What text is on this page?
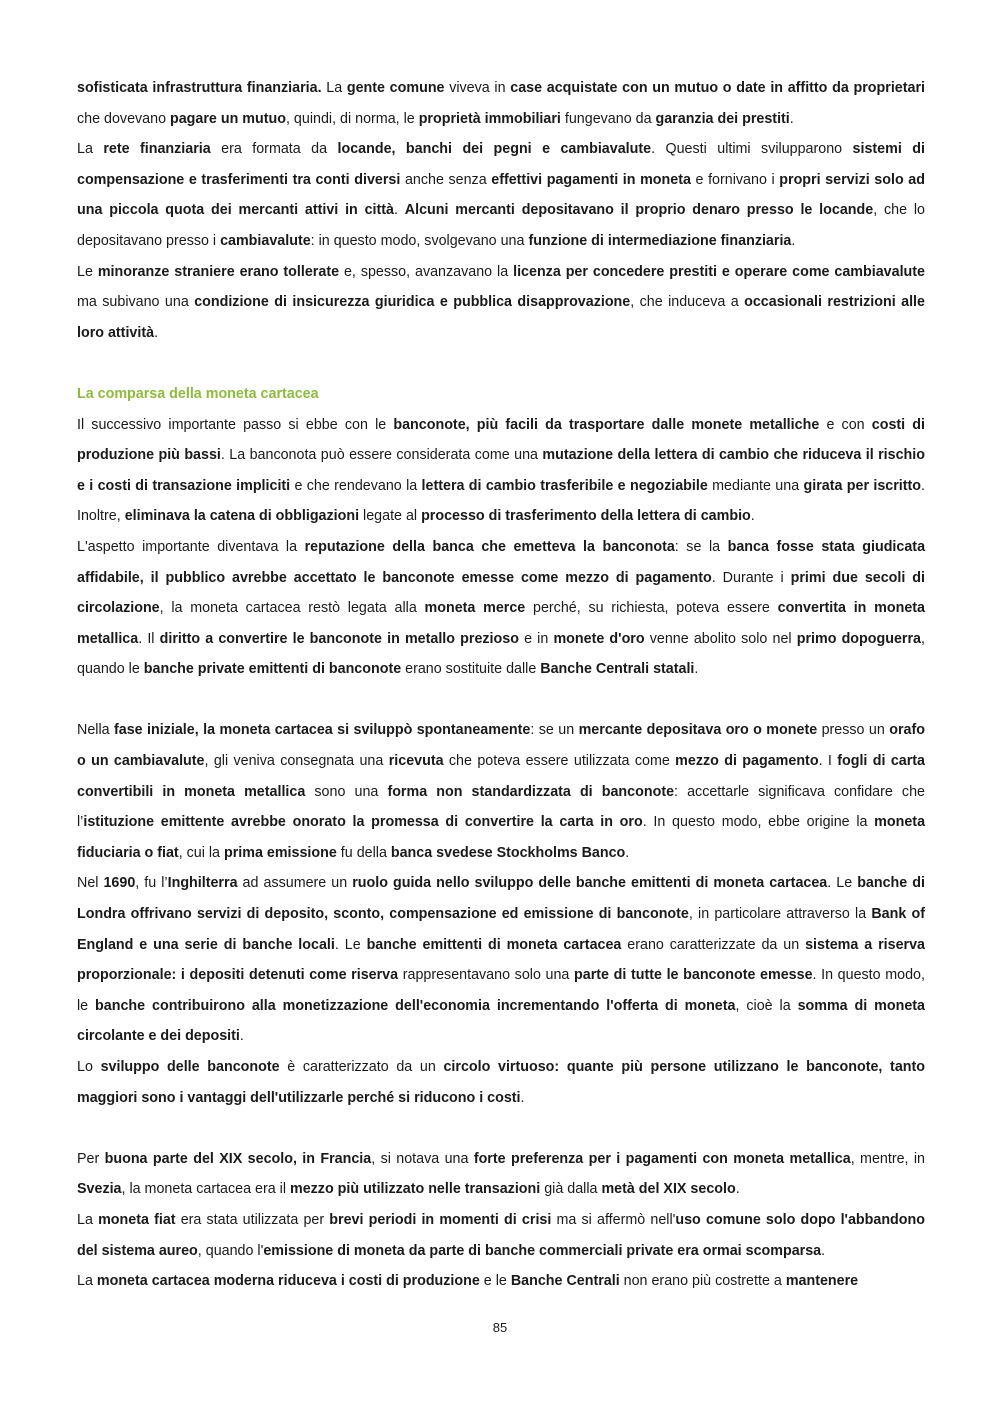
sofisticata infrastruttura finanziaria. La gente comune viveva in case acquistate con un mutuo o date in affitto da proprietari che dovevano pagare un mutuo, quindi, di norma, le proprietà immobiliari fungevano da garanzia dei prestiti.

La rete finanziaria era formata da locande, banchi dei pegni e cambiavalute. Questi ultimi svilupparono sistemi di compensazione e trasferimenti tra conti diversi anche senza effettivi pagamenti in moneta e fornivano i propri servizi solo ad una piccola quota dei mercanti attivi in città. Alcuni mercanti depositavano il proprio denaro presso le locande, che lo depositavano presso i cambiavalute: in questo modo, svolgevano una funzione di intermediazione finanziaria.

Le minoranze straniere erano tollerate e, spesso, avanzavano la licenza per concedere prestiti e operare come cambiavalute ma subivano una condizione di insicurezza giuridica e pubblica disapprovazione, che induceva a occasionali restrizioni alle loro attività.

La comparsa della moneta cartacea

Il successivo importante passo si ebbe con le banconote, più facili da trasportare dalle monete metalliche e con costi di produzione più bassi. La banconota può essere considerata come una mutazione della lettera di cambio che riduceva il rischio e i costi di transazione impliciti e che rendevano la lettera di cambio trasferibile e negoziabile mediante una girata per iscritto. Inoltre, eliminava la catena di obbligazioni legate al processo di trasferimento della lettera di cambio.

L'aspetto importante diventava la reputazione della banca che emetteva la banconota: se la banca fosse stata giudicata affidabile, il pubblico avrebbe accettato le banconote emesse come mezzo di pagamento. Durante i primi due secoli di circolazione, la moneta cartacea restò legata alla moneta merce perché, su richiesta, poteva essere convertita in moneta metallica. Il diritto a convertire le banconote in metallo prezioso e in monete d'oro venne abolito solo nel primo dopoguerra, quando le banche private emittenti di banconote erano sostituite dalle Banche Centrali statali.

Nella fase iniziale, la moneta cartacea si sviluppò spontaneamente: se un mercante depositava oro o monete presso un orafo o un cambiavalute, gli veniva consegnata una ricevuta che poteva essere utilizzata come mezzo di pagamento. I fogli di carta convertibili in moneta metallica sono una forma non standardizzata di banconote: accettarle significava confidare che l’istituzione emittente avrebbe onorato la promessa di convertire la carta in oro. In questo modo, ebbe origine la moneta fiduciaria o fiat, cui la prima emissione fu della banca svedese Stockholms Banco.

Nel 1690, fu l’Inghilterra ad assumere un ruolo guida nello sviluppo delle banche emittenti di moneta cartacea. Le banche di Londra offrivano servizi di deposito, sconto, compensazione ed emissione di banconote, in particolare attraverso la Bank of England e una serie di banche locali. Le banche emittenti di moneta cartacea erano caratterizzate da un sistema a riserva proporzionale: i depositi detenuti come riserva rappresentavano solo una parte di tutte le banconote emesse. In questo modo, le banche contribuirono alla monetizzazione dell'economia incrementando l'offerta di moneta, cioè la somma di moneta circolante e dei depositi.

Lo sviluppo delle banconote è caratterizzato da un circolo virtuoso: quante più persone utilizzano le banconote, tanto maggiori sono i vantaggi dell'utilizzarle perché si riducono i costi.

Per buona parte del XIX secolo, in Francia, si notava una forte preferenza per i pagamenti con moneta metallica, mentre, in Svezia, la moneta cartacea era il mezzo più utilizzato nelle transazioni già dalla metà del XIX secolo.

La moneta fiat era stata utilizzata per brevi periodi in momenti di crisi ma si affermò nell'uso comune solo dopo l'abbandono del sistema aureo, quando l'emissione di moneta da parte di banche commerciali private era ormai scomparsa.

La moneta cartacea moderna riduceva i costi di produzione e le Banche Centrali non erano più costrette a mantenere

85
